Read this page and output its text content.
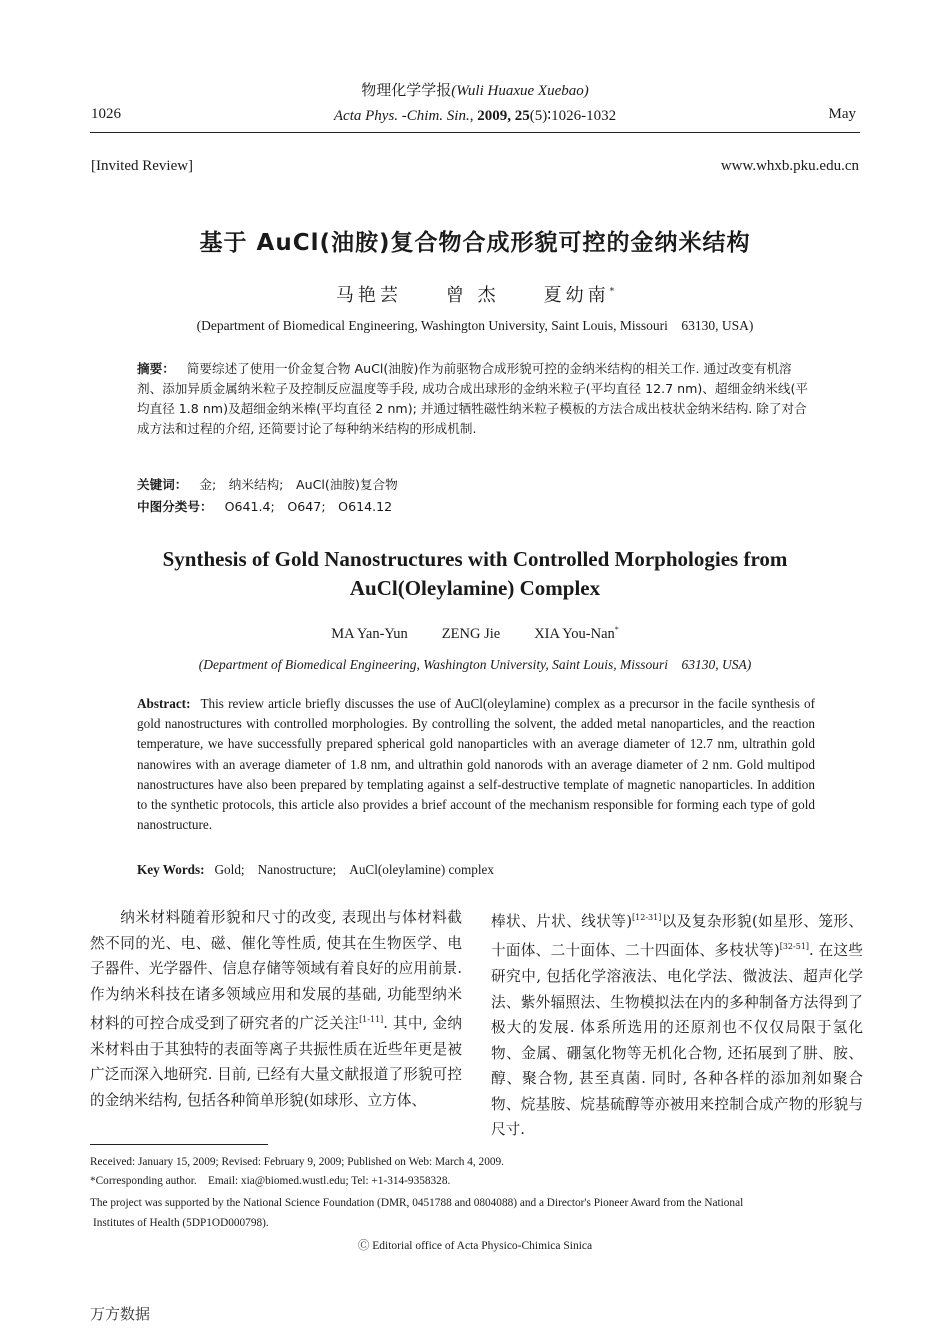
物理化学学报(Wuli Huaxue Xuebao)
1026	Acta Phys. -Chim. Sin., 2009, 25(5)∶1026-1032	May
[Invited Review]	www.whxb.pku.edu.cn
基于 AuCl(油胺)复合物合成形貌可控的金纳米结构
马艳芸 曾 杰 夏幼南*
(Department of Biomedical Engineering, Washington University, Saint Louis, Missouri　63130, USA)
摘要： 简要综述了使用一价金复合物 AuCl(油胺)作为前驱物合成形貌可控的金纳米结构的相关工作. 通过改变有机溶剂、添加异质金属纳米粒子及控制反应温度等手段, 成功合成出球形的金纳米粒子(平均直径 12.7 nm)、超细金纳米线(平均直径 1.8 nm)及超细金纳米棒(平均直径 2 nm); 并通过牺牲磁性纳米粒子模板的方法合成出枝状金纳米结构. 除了对合成方法和过程的介绍, 还简要讨论了每种纳米结构的形成机制.
关键词： 金;　纳米结构;　AuCl(油胺)复合物
中图分类号： O641.4;　O647;　O614.12
Synthesis of Gold Nanostructures with Controlled Morphologies from
AuCl(Oleylamine) Complex
MA Yan-Yun ZENG Jie XIA You-Nan*
(Department of Biomedical Engineering, Washington University, Saint Louis, Missouri　63130, USA)
Abstract: This review article briefly discusses the use of AuCl(oleylamine) complex as a precursor in the facile synthesis of gold nanostructures with controlled morphologies. By controlling the solvent, the added metal nanoparticles, and the reaction temperature, we have successfully prepared spherical gold nanoparticles with an average diameter of 12.7 nm, ultrathin gold nanowires with an average diameter of 1.8 nm, and ultrathin gold nanorods with an average diameter of 2 nm. Gold multipod nanostructures have also been prepared by templating against a self-destructive template of magnetic nanoparticles. In addition to the synthetic protocols, this article also provides a brief account of the mechanism responsible for forming each type of gold nanostructure.
Key Words: Gold;　Nanostructure;　AuCl(oleylamine) complex
　　纳米材料随着形貌和尺寸的改变, 表现出与体材料截然不同的光、电、磁、催化等性质, 使其在生物医学、电子器件、光学器件、信息存储等领域有着良好的应用前景. 作为纳米科技在诸多领域应用和发展的基础, 功能型纳米材料的可控合成受到了研究者的广泛关注[1-11]. 其中, 金纳米材料由于其独特的表面等离子共振性质在近些年更是被广泛而深入地研究. 目前, 已经有大量文献报道了形貌可控的金纳米结构, 包括各种简单形貌(如球形、立方体、
棒状、片状、线状等)[12-31]以及复杂形貌(如星形、笼形、十面体、二十面体、二十四面体、多枝状等)[32-51]. 在这些研究中, 包括化学溶液法、电化学法、微波法、超声化学法、紫外辐照法、生物模拟法在内的多种制备方法得到了极大的发展. 体系所选用的还原剂也不仅仅局限于氢化物、金属、硼氢化物等无机化合物, 还拓展到了肼、胺、醇、聚合物, 甚至真菌. 同时, 各种各样的添加剂如聚合物、烷基胺、烷基硫醇等亦被用来控制合成产物的形貌与尺寸.
Received: January 15, 2009; Revised: February 9, 2009; Published on Web: March 4, 2009.
*Corresponding author.　Email: xia@biomed.wustl.edu; Tel: +1-314-9358328.
The project was supported by the National Science Foundation (DMR, 0451788 and 0804088) and a Director's Pioneer Award from the National
Institutes of Health (5DP1OD000798).
Ⓒ Editorial office of Acta Physico-Chimica Sinica
万方数据
